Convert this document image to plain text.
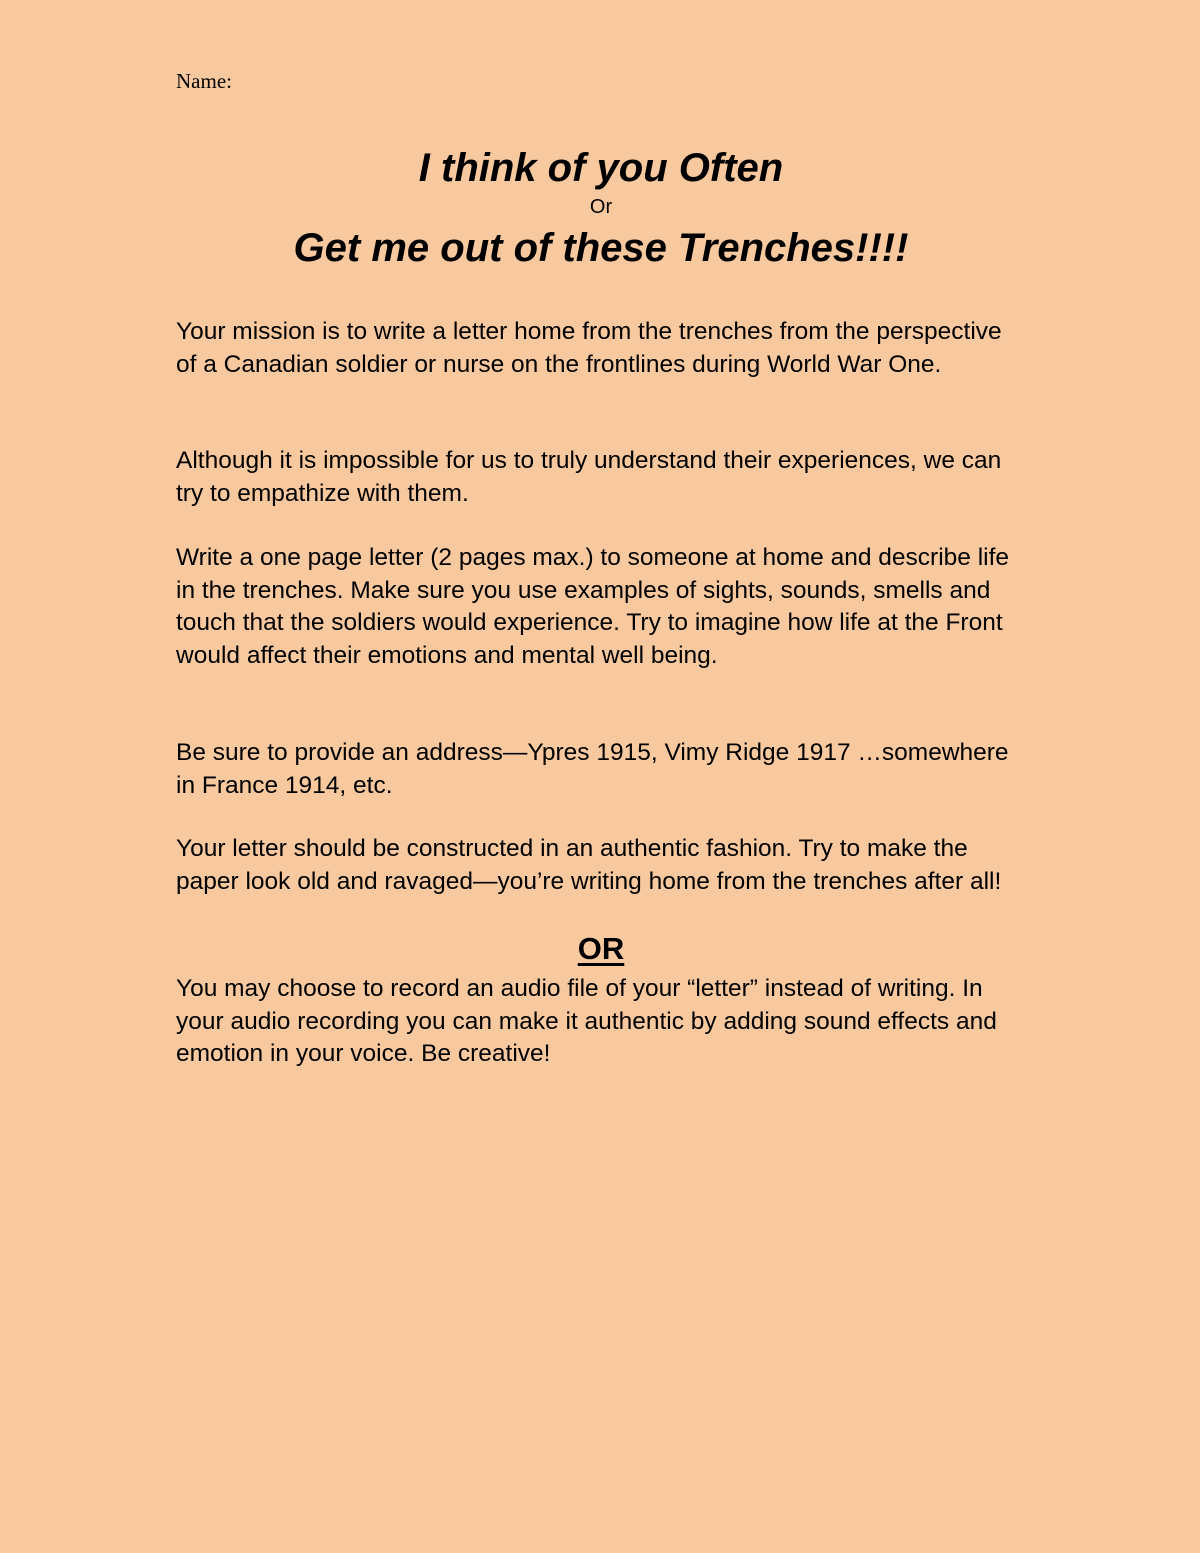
Name:
I think of you Often
Or
Get me out of these Trenches!!!!
Your mission is to write a letter home from the trenches from the perspective of a Canadian soldier or nurse on the frontlines during World War One.
Although it is impossible for us to truly understand their experiences, we can try to empathize with them.
Write a one page letter (2 pages max.) to someone at home and describe life in the trenches. Make sure you use examples of sights, sounds, smells and touch that the soldiers would experience. Try to imagine how life at the Front would affect their emotions and mental well being.
Be sure to provide an address—Ypres 1915, Vimy Ridge 1917 …somewhere in France 1914, etc.
Your letter should be constructed in an authentic fashion. Try to make the paper look old and ravaged—you’re writing home from the trenches after all!
OR
You may choose to record an audio file of your “letter” instead of writing. In your audio recording you can make it authentic by adding sound effects and emotion in your voice. Be creative!
